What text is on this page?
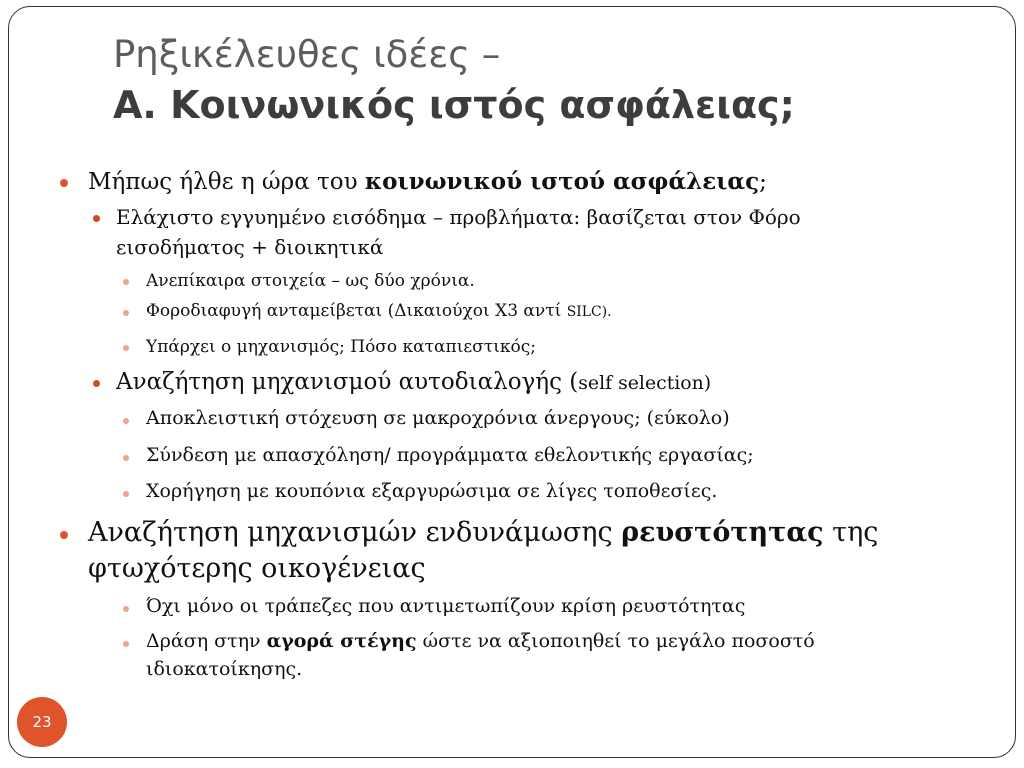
Ρηξικέλευθες ιδέες –
Α. Κοινωνικός ιστός ασφάλειας;
Μήπως ήλθε η ώρα του κοινωνικού ιστού ασφάλειας;
Ελάχιστο εγγυημένο εισόδημα – προβλήματα: βασίζεται στον Φόρο
εισοδήματος + διοικητικά
Ανεπίκαιρα στοιχεία – ως δύο χρόνια.
Φοροδιαφυγή ανταμείβεται (Δικαιούχοι Χ3 αντί SILC).
Υπάρχει ο μηχανισμός; Πόσο καταπιεστικός;
Αναζήτηση μηχανισμού αυτοδιαλογής (self selection)
Αποκλειστική στόχευση σε μακροχρόνια άνεργους; (εύκολο)
Σύνδεση με απασχόληση/ προγράμματα εθελοντικής εργασίας;
Χορήγηση με κουπόνια εξαργυρώσιμα σε λίγες τοποθεσίες.
Αναζήτηση μηχανισμών ενδυνάμωσης ρευστότητας της
φτωχότερης οικογένειας
Όχι μόνο οι τράπεζες που αντιμετωπίζουν κρίση ρευστότητας
Δράση στην αγορά στέγης ώστε να αξιοποιηθεί το μεγάλο ποσοστό
ιδιοκατοίκησης.
23
